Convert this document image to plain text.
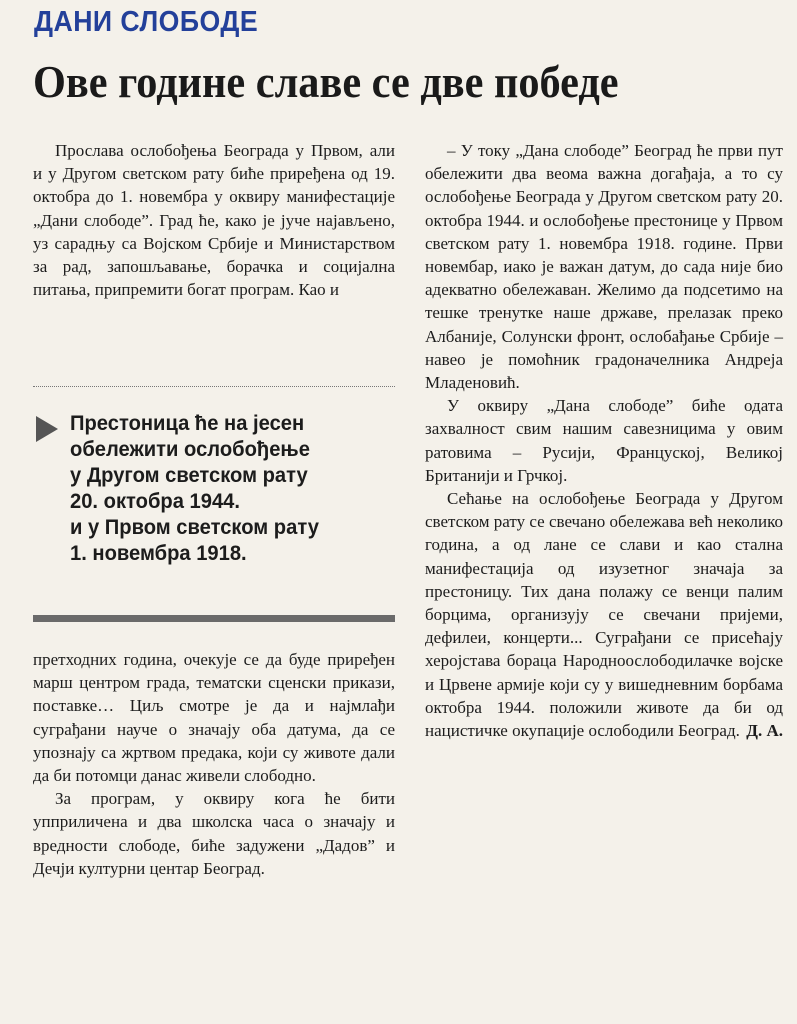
ДАНИ СЛОБОДЕ
Ове године славе се две победе

Прослава ослобођења Београда у Првом, али и у Другом светском рату биће приређена од 19. октобра до 1. новембра у оквиру манифестације „Дани слободе”. Град ће, како је јуче најављено, уз сарадњу са Војском Србије и Министарством за рад, запошљавање, борачка и социјална питања, припремити богат програм. Као и

Престоница ће на јесен
обележити ослобођење
у Другом светском рату
20. октобра 1944.
и у Првом светском рату
1. новембра 1918.

претходних година, очекује се да буде приређен марш центром града, тематски сценски прикази, поставке… Циљ смотре је да и најмлађи суграђани науче о значају оба датума, да се упознају са жртвом предака, који су животе дали да би потомци данас живели слободно.

За програм, у оквиру кога ће бити упприличена и два школска часа о значају и вредности слободе, биће задужени „Дадов” и Дечји културни центар Београд.

– У току „Дана слободе” Београд ће први пут обележити два веома важна догађаја, а то су ослобођење Београда у Другом светском рату 20. октобра 1944. и ослобођење престонице у Првом светском рату 1. новембра 1918. године. Први новембар, иако је важан датум, до сада није био адекватно обележаван. Желимо да подсетимо на тешке тренутке наше државе, прелазак преко Албаније, Солунски фронт, ослобађање Србије – навео је помоћник градоначелника Андреја Младеновић.

У оквиру „Дана слободе” биће одата захвалност свим нашим савезницима у овим ратовима – Русији, Француској, Великој Британији и Грчкој.

Сећање на ослобођење Београда у Другом светском рату се свечано обележава већ неколико година, а од лане се слави и као стална манифестација од изузетног значаја за престоницу. Тих дана полажу се венци палим борцима, организују се свечани пријеми, дефилеи, концерти... Суграђани се присећају херојстава бораца Народноослободилачке војске и Црвене армије који су у вишедневним борбама октобра 1944. положили животе да би од нацистичке окупације ослободили Београд. Д. А.
